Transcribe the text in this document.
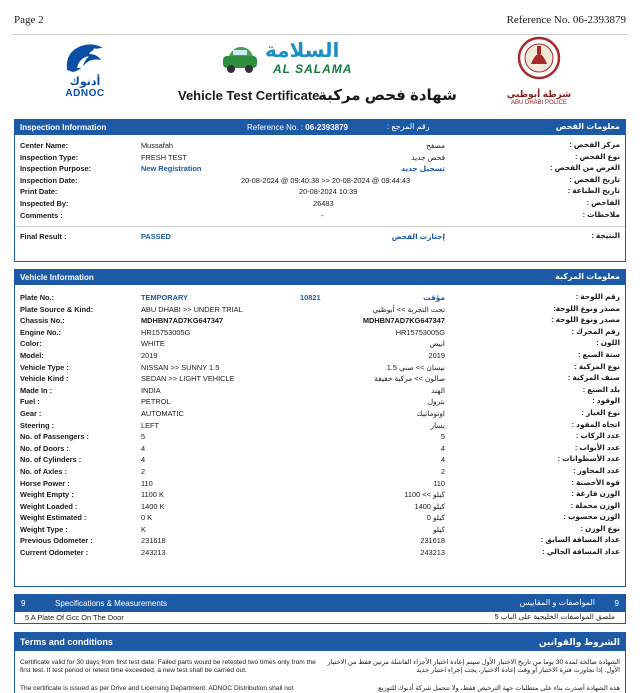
Page 2	Reference No. 06-2393879
أدنوك
ADNOC
السلامة
AL SALAMA
Vehicle Test Certificate
شهادة فحص مركبة	شرطة أبوظبي
ABU DHABI POLICE
Inspection Information	Reference No. : 06-2393879	رقم المرجع :	معلومات الفحص
Center Name:	Mussafah	مصفح	مركز الفحص :
Inspection Type:	FRESH TEST	فحص جديد	نوع الفحص :
Inspection Purpose:	New Registration	تسجيل جديد	الغرض من الفحص :
Inspection Date:	20-08-2024 @ 09:40:38 >> 20-08-2024 @ 09:44:43	تاريخ الفحص :
Print Date:	20-08-2024 10:39	تاريخ الطباعة :
Inspected By:	26483	الفاحص :
Comments :	-	ملاحظات :
Final Result :	PASSED	إجتازت الفحص	النتيجة :
Vehicle Information	معلومات المركبة
Plate No.:	TEMPORARY	10821	مؤقت	رقم اللوحة :
Plate Source & Kind:	ABU DHABI >> UNDER TRIAL	تحت التجربة >> أبوظبي	مصدر ونوع اللوحة:
Chassis No.:	MDHBN7AD7KG647347	MDHBN7AD7KG647347	مصدر ونوع اللوحة :
Engine No.:	HR15753005G	HR15753005G	رقم المحرك :
Color:	WHITE	ابيض	اللون :
Model:	2019	2019	سنة الصنع :
Vehicle Type :	NISSAN >> SUNNY 1.5	نيسان >> صني 1.5	نوع المركبة :
Vehicle Kind :	SEDAN >> LIGHT VEHICLE	صالون >> مركبة خفيفة	صنف المركبة :
Made In :	INDIA	الهند	بلد الصنع :
Fuel :	PETROL	بترول	الوقود :
Gear :	AUTOMATIC	اوتوماتيك	نوع الغيار :
Steering :	LEFT	يسار	اتجاه المقود :
No. of Passengers :	5	5	عدد الركاب :
No. of Doors :	4	4	عدد الأبواب :
No. of Cylinders :	4	4	عدد الأسطوانات :
No. of Axles :	2	2	عدد المحاور :
Horse Power :	110	110	قوة الأحصنة :
Weight Empty :	1100 K	كيلو >> 1100	الوزن فارغة :
Weight Loaded :	1400 K	كيلو 1400	الوزن محملة :
Weight Estimated :	0 K	كيلو 0	الوزن محسوب :
Weight Type :	K	كيلو	نوع الوزن :
Previous Odometer :	231618	231618	عداد المسافة السابق :
Current Odometer :	243213	243213	عداد المسافة الحالي :
9	Specifications & Measurements	المواصفات و المقاييس 9
5 A Plate Of Gcc On The Door	ملصق المواصفات الخليجية على الباب 5
Terms and conditions	الشروط والقوانين
Certificate valid for 30 days from first test date. Failed parts would be retested two times only from the first test. If test period or retest time exceeded, a new test shall be carried out.
الشهادة صالحة لمدة 30 يوما من تاريخ الاختبار الأول سيتم إعادة اختبار الأجزاء الفاشلة مرتين فقط من الاختبار الأول. إذا تجاوزت فترة الاختبار أو وقت إعادة الاختبار، يجب إجراء اختبار جديد
The certificate is issued as per Drive and Licensing Department. ADNOC Distribution shall not	هذه الشهادة أصدرت بناء على متطلبات جهة الترخيص فقط، ولا تتحمل شركة أدنوك للتوزيع
